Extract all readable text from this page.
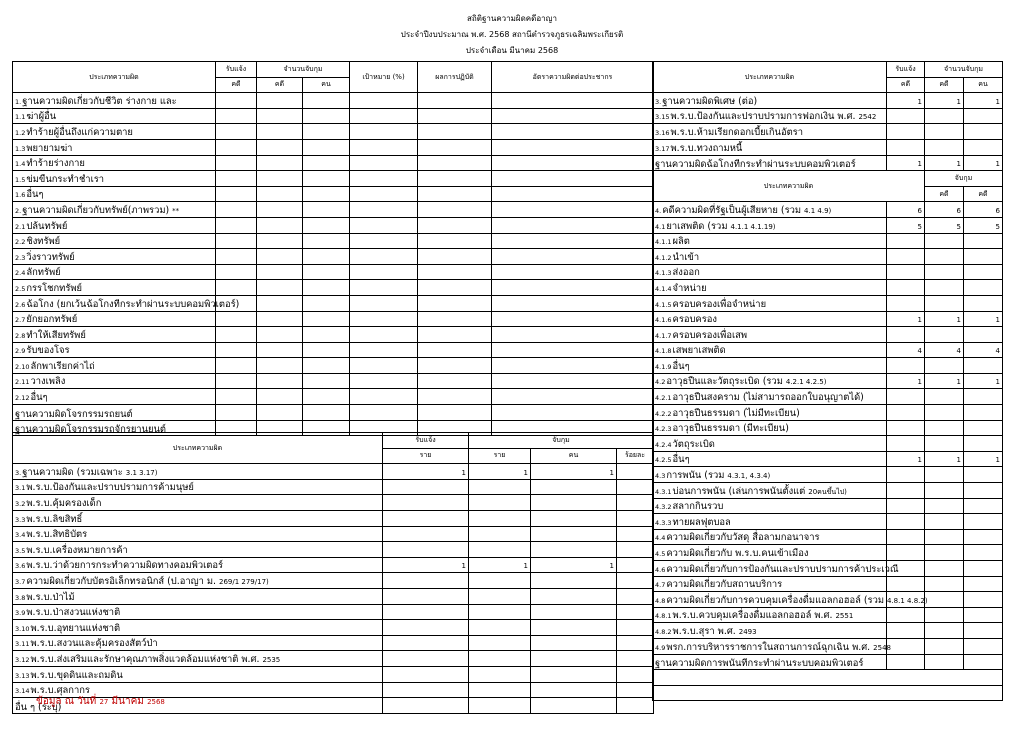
สถิติฐานความผิดคดีอาญา
ประจำปีงบประมาณ พ.ศ. 2568 สถานีตำรวจภูธรเฉลิมพระเกียรติ
ประจำเดือน มีนาคม 2568
ประเภทความผิด	รับแจ้ง	จำนวนจับกุม		เป้าหมาย (%)	ผลการปฏิบัติ	อัตราความผิดต่อประชากร
	คดี	คดี	คน			
1.ฐานความผิดเกี่ยวกับชีวิต ร่างกาย และ						
1.1ฆ่าผู้อื่น						
1.2ทำร้ายผู้อื่นถึงแก่ความตาย						
1.3พยายามฆ่า						
1.4ทำร้ายร่างกาย						
1.5ข่มขืนกระทำชำเรา						
1.6อื่นๆ						
2.ฐานความผิดเกี่ยวกับทรัพย์(ภาพรวม) **						
2.1ปล้นทรัพย์						
2.2ชิงทรัพย์						
2.3วิ่งราวทรัพย์						
2.4ลักทรัพย์						
2.5กรรโชกทรัพย์						
2.6ฉ้อโกง (ยกเว้นฉ้อโกงทีกระทำผ่านระบบคอมพิวเตอร์)						
2.7ยักยอกทรัพย์						
2.8ทำให้เสียทรัพย์						
2.9รับของโจร						
2.10ลักพาเรียกค่าไถ่						
2.11วางเพลิง						
2.12อื่นๆ						
ฐานความผิดโจรกรรมรถยนต์						
ฐานความผิดโจรกรรมรถจักรยานยนต์						
ประเภทความผิด	รับแจ้ง	จับกุม		
	ราย	ราย	คน	ร้อยละ
3.ฐานความผิด (รวมเฉพาะ 3.1 3.17)	1	1	1	
3.1พ.ร.บ.ป้องกันและปราบปรามการค้ามนุษย์				
3.2พ.ร.บ.คุ้มครองเด็ก				
3.3พ.ร.บ.ลิขสิทธิ์				
3.4พ.ร.บ.สิทธิบัตร				
3.5พ.ร.บ.เครื่องหมายการค้า				
3.6พ.ร.บ.ว่าด้วยการกระทำความผิดทางคอมพิวเตอร์	1	1	1	
3.7ความผิดเกี่ยวกับบัตรอิเล็กทรอนิกส์ (ป.อาญา ม. 269/1 279/17)				
3.8พ.ร.บ.ป่าไม้				
3.9พ.ร.บ.ป่าสงวนแห่งชาติ				
3.10พ.ร.บ.อุทยานแห่งชาติ				
3.11พ.ร.บ.สงวนและคุ้มครองสัตว์ป่า				
3.12พ.ร.บ.ส่งเสริมและรักษาคุณภาพสิ่งแวดล้อมแห่งชาติ พ.ศ. 2535				
3.13พ.ร.บ.ขุดดินและถมดิน				
3.14พ.ร.บ.ศุลกากร				
อื่น ๆ (ระบุ)				
ประเภทความผิด	รับแจ้ง	จำนวนจับกุม	
	คดี	คดี	คน
3.ฐานความผิดพิเศษ (ต่อ)	1	1	1
3.15พ.ร.บ.ป้องกันและปราบปรามการฟอกเงิน พ.ศ. 2542			
3.16พ.ร.บ.ห้ามเรียกดอกเบี้ยเกินอัตรา			
3.17พ.ร.บ.ทวงถามหนี้			
ฐานความผิดฉ้อโกงทีกระทำผ่านระบบคอมพิวเตอร์	1	1	1
ประเภทความผิด		จับกุม	
		คดี	คดี
4.คดีความผิดที่รัฐเป็นผู้เสียหาย (รวม 4.1 4.9)	6	6	6
4.1ยาเสพติด (รวม 4.1.1 4.1.19)	5	5	5
4.1.1ผลิต			
4.1.2นำเข้า			
4.1.3ส่งออก			
4.1.4จำหน่าย			
4.1.5ครอบครองเพื่อจำหน่าย			
4.1.6ครอบครอง	1	1	1
4.1.7ครอบครองเพื่อเสพ			
4.1.8เสพยาเสพติด	4	4	4
4.1.9อื่นๆ			
4.2อาวุธปืนและวัตถุระเบิด (รวม 4.2.1 4.2.5)	1	1	1
4.2.1อาวุธปืนสงคราม (ไม่สามารถออกใบอนุญาตได้)			
4.2.2อาวุธปืนธรรมดา (ไม่มีทะเบียน)			
4.2.3อาวุธปืนธรรมดา (มีทะเบียน)			
4.2.4วัตถุระเบิด			
4.2.5อื่นๆ	1	1	1
4.3การพนัน (รวม 4.3.1, 4.3.4)			
4.3.1บ่อนการพนัน (เล่นการพนันตั้งแต่ 20คนขึ้นไป)			
4.3.2สลากกินรวบ			
4.3.3ทายผลฟุตบอล			
4.4ความผิดเกี่ยวกับวัสดุ สื่อลามกอนาจาร			
4.5ความผิดเกี่ยวกับ พ.ร.บ.คนเข้าเมือง			
4.6ความผิดเกี่ยวกับการป้องกันและปราบปรามการค้าประเวณี			
4.7ความผิดเกี่ยวกับสถานบริการ			
4.8ความผิดเกี่ยวกับการควบคุมเครื่องดื่มแอลกอฮอล์ (รวม 4.8.1 4.8.2)			
4.8.1พ.ร.บ.ควบคุมเครื่องดื่มแอลกอฮอล์ พ.ศ. 2551			
4.8.2พ.ร.บ.สุรา พ.ศ. 2493			
4.9พรก.การบริหารราชการในสถานการณ์ฉุกเฉิน พ.ศ. 2548			
ฐานความผิดการพนันทีกระทำผ่านระบบคอมพิวเตอร์			

ข้อมูล ณ วันที่ 27 มีนาคม 2568
